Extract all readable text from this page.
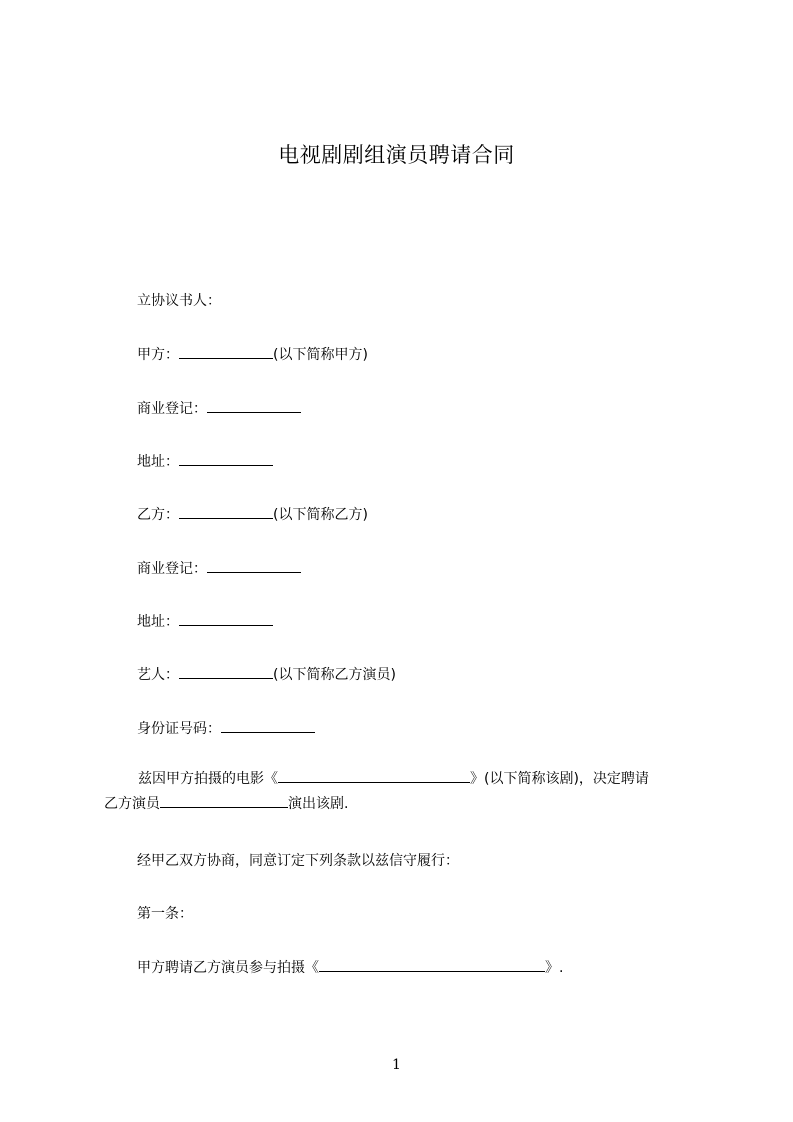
电视剧剧组演员聘请合同
立协议书人：
甲方：	(以下简称甲方)
商业登记：
地址：
乙方：	(以下简称乙方)
商业登记：
地址：
艺人：	(以下简称乙方演员)
身份证号码：
兹因甲方拍摄的电影《	》(以下简称该剧)，决定聘请
乙方演员	演出该剧.
经甲乙双方协商，同意订定下列条款以兹信守履行：
第一条：
甲方聘请乙方演员参与拍摄《	》.
1
